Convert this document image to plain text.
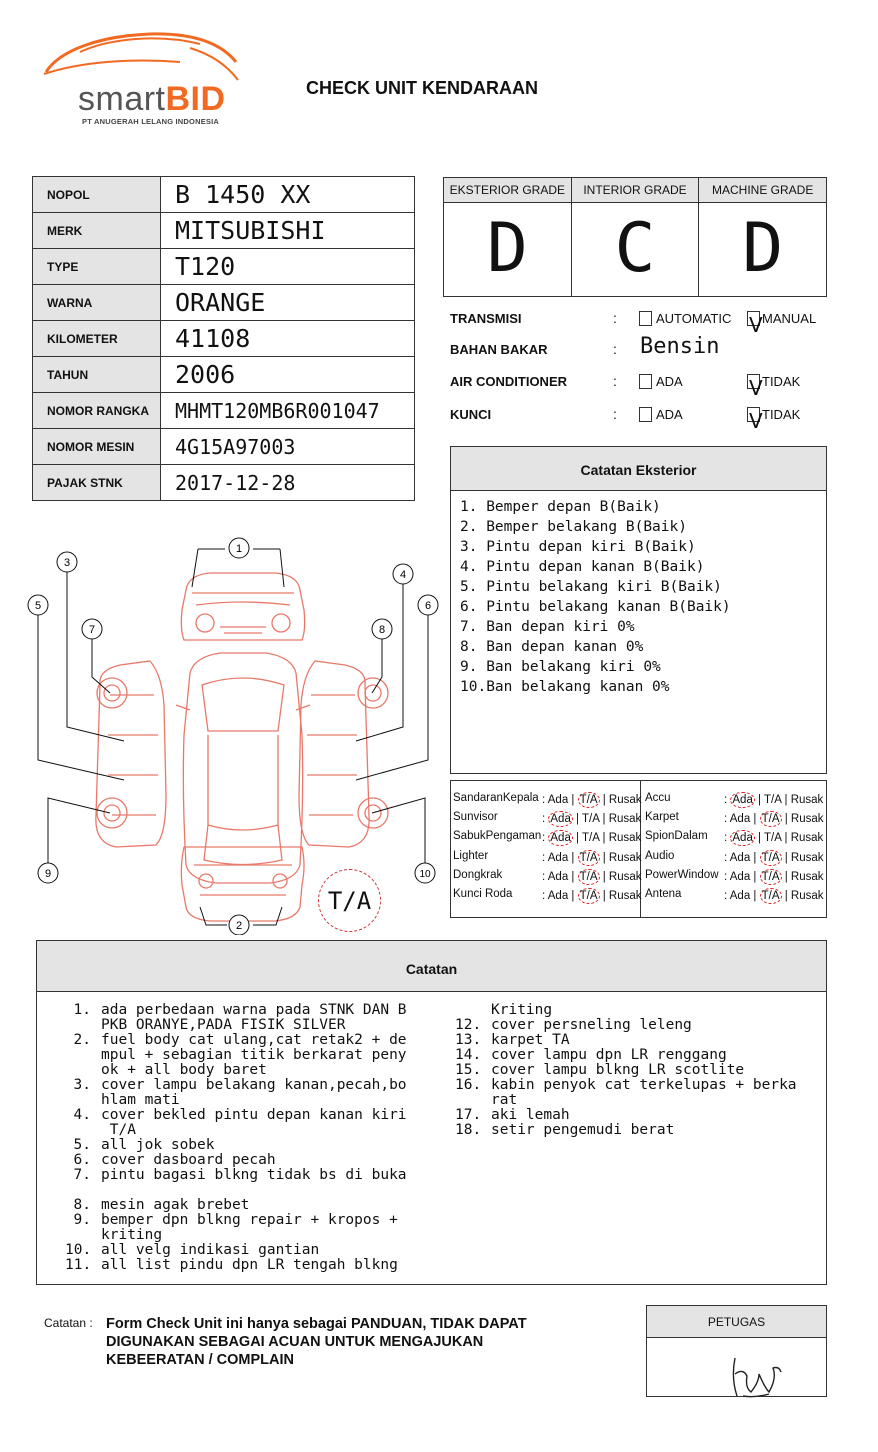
smartBID
PT ANUGERAH LELANG INDONESIA
CHECK UNIT KENDARAAN
NOPOL	B 1450 XX
MERK	MITSUBISHI
TYPE	T120
WARNA	ORANGE
KILOMETER	41108
TAHUN	2006
NOMOR RANGKA	MHMT120MB6R001047
NOMOR MESIN	4G15A97003
PAJAK STNK	2017-12-28
EKSTERIOR GRADE
D
INTERIOR GRADE
C
MACHINE GRADE
D
TRANSMISI	:	AUTOMATIC V MANUAL
BAHAN BAKAR	: Bensin
AIR CONDITIONER	:	ADA	V TIDAK
KUNCI	:	ADA	V TIDAK
Catatan Eksterior
1. Bemper depan B(Baik)
2. Bemper belakang B(Baik)
3. Pintu depan kiri B(Baik)
4. Pintu depan kanan B(Baik)
5. Pintu belakang kiri B(Baik)
6. Pintu belakang kanan B(Baik)
7. Ban depan kiri 0%
8. Ban depan kanan 0%
9. Ban belakang kiri 0%
10.Ban belakang kanan 0%
SandaranKepala : Ada | T/A | Rusak
Sunvisor	: Ada | T/A | Rusak
SabukPengaman : Ada | T/A | Rusak
Lighter	: Ada | T/A | Rusak
Dongkrak	: Ada | T/A | Rusak
Kunci Roda	: Ada | T/A | Rusak
Accu	: Ada | T/A | Rusak
Karpet	: Ada | T/A | Rusak
SpionDalam : Ada | T/A | Rusak
Audio	: Ada | T/A | Rusak
PowerWindow : Ada | T/A | Rusak
Antena	: Ada | T/A | Rusak
1
2
3
4
5	6
7	8
9	10
T/A
Catatan
1. ada perbedaan warna pada STNK DAN B
PKB ORANYE,PADA FISIK SILVER
2. fuel body cat ulang,cat retak2 + de
mpul + sebagian titik berkarat peny
ok + all body baret
3. cover lampu belakang kanan,pecah,bo
hlam mati
4. cover bekled pintu depan kanan kiri
T/A
5. all jok sobek
6. cover dasboard pecah
7. pintu bagasi blkng tidak bs di buka

8. mesin agak brebet
9. bemper dpn blkng repair + kropos +
kriting
10. all velg indikasi gantian
11. all list pindu dpn LR tengah blkng
Kriting
12. cover persneling leleng
13. karpet TA
14. cover lampu dpn LR renggang
15. cover lampu blkng LR scotlite
16. kabin penyok cat terkelupas + berka
rat
17. aki lemah
18. setir pengemudi berat
Catatan : Form Check Unit ini hanya sebagai PANDUAN, TIDAK DAPAT DIGUNAKAN SEBAGAI ACUAN UNTUK MENGAJUKAN KEBEERATAN / COMPLAIN
PETUGAS
